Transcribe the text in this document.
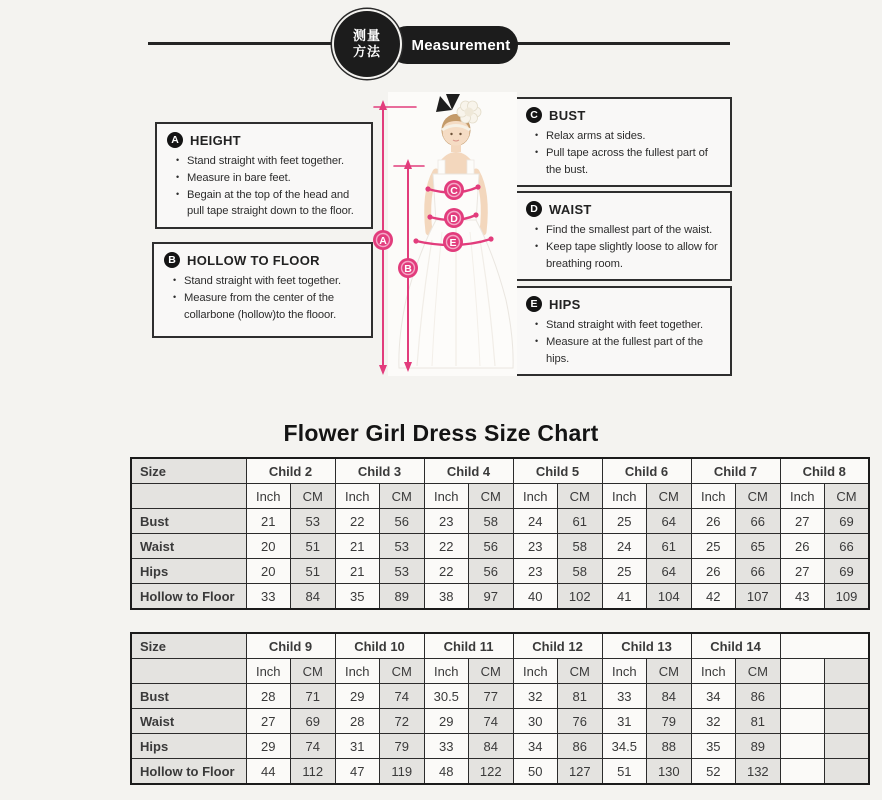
Measurement
测量
方法
A HEIGHT
• Stand straight with feet together.
• Measure in bare feet.
• Begain at the top of the head and pull tape straight down to the floor.
B HOLLOW TO FLOOR
• Stand straight with feet together.
• Measure from the center of the collarbone (hollow)to the flooor.
C BUST
• Relax arms at sides.
• Pull tape across the fullest part of the bust.
D WAIST
• Find the smallest part of the waist.
• Keep tape slightly loose to allow for breathing room.
E HIPS
• Stand straight with feet together.
• Measure at the fullest part of the hips.
A
B
C
D
E
Flower Girl Dress Size Chart
Size	Child 2		Child 3		Child 4		Child 5		Child 6		Child 7		Child 8	
	Inch	CM	Inch	CM	Inch	CM	Inch	CM	Inch	CM	Inch	CM	Inch	CM
Bust	21	53	22	56	23	58	24	61	25	64	26	66	27	69
Waist	20	51	21	53	22	56	23	58	24	61	25	65	26	66
Hips	20	51	21	53	22	56	23	58	25	64	26	66	27	69
Hollow to Floor	33	84	35	89	38	97	40	102	41	104	42	107	43	109
Size	Child 9		Child 10		Child 11		Child 12		Child 13		Child 14			
	Inch	CM	Inch	CM	Inch	CM	Inch	CM	Inch	CM	Inch	CM		
Bust	28	71	29	74	30.5	77	32	81	33	84	34	86		
Waist	27	69	28	72	29	74	30	76	31	79	32	81		
Hips	29	74	31	79	33	84	34	86	34.5	88	35	89		
Hollow to Floor	44	112	47	119	48	122	50	127	51	130	52	132		
